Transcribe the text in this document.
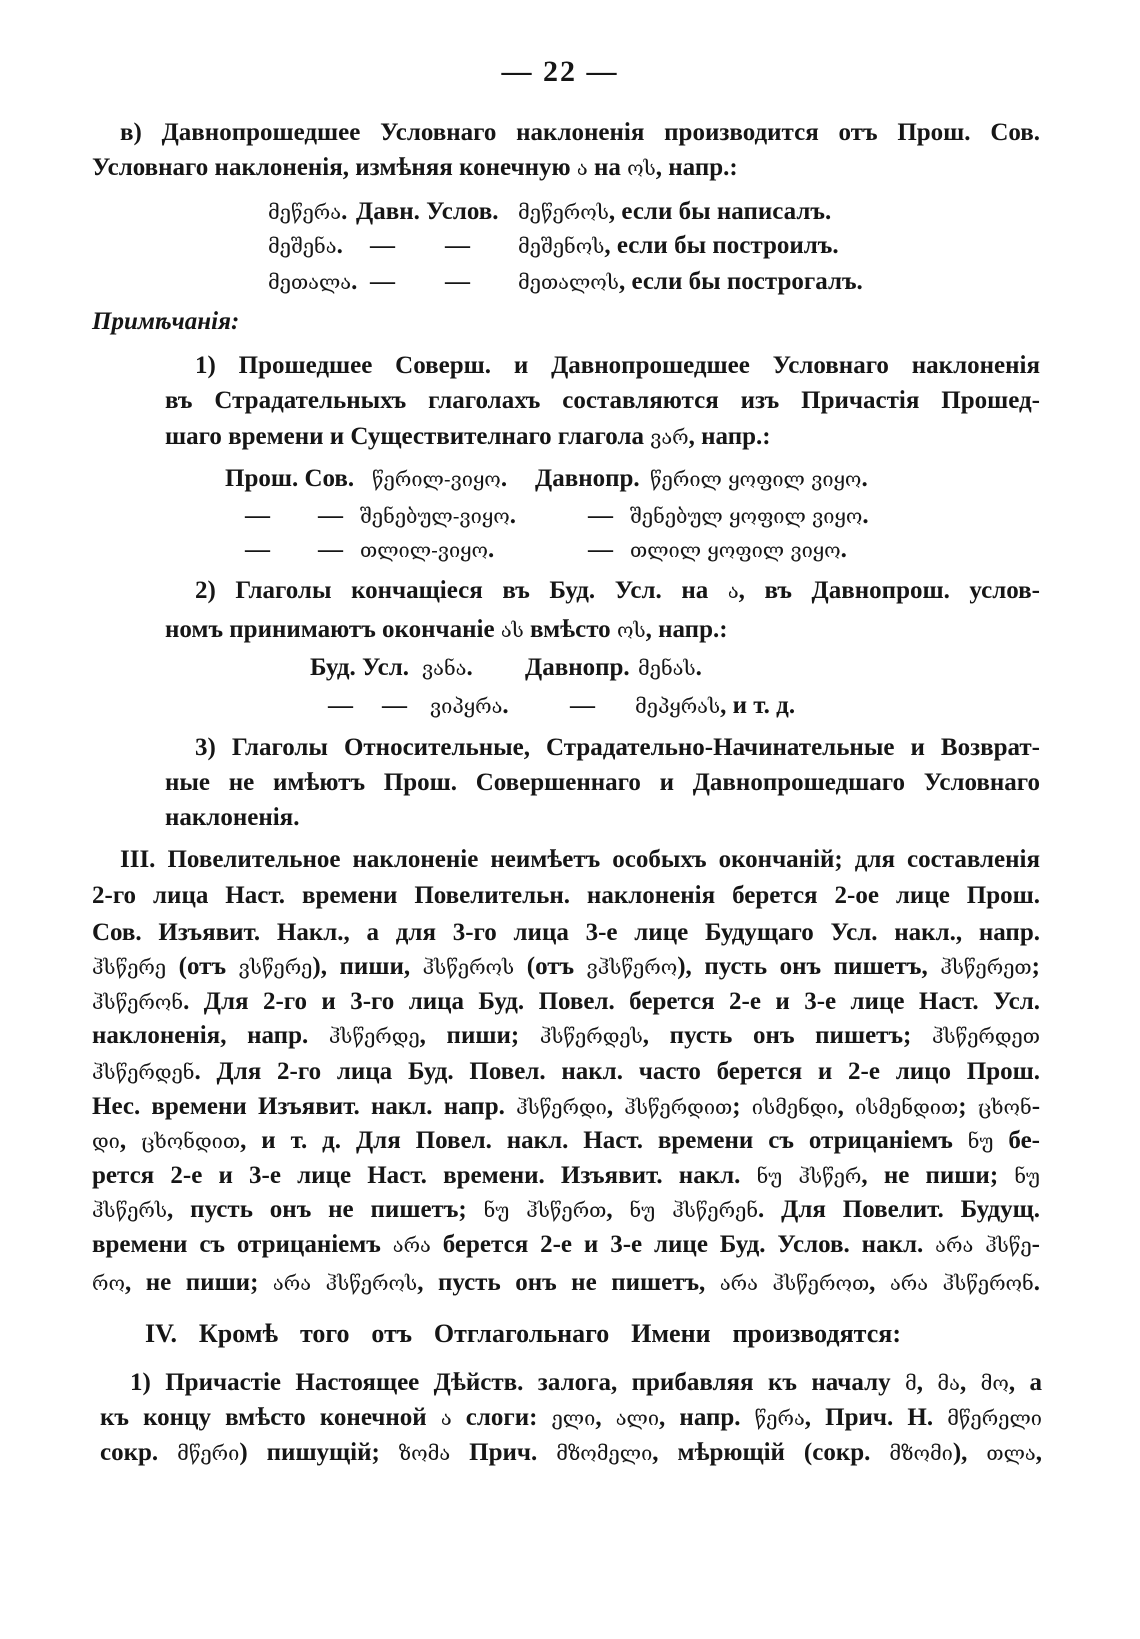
— 22 —
в) Давнопрошедшее Условнаго наклоненія производится отъ Прош. Сов.
Условнаго наклоненія, измѣняя конечную ა на ოს, напр.:
მეწერა. Давн. Услов. მეწეროს, если бы написалъ.
მეშენა. — — მეშენოს, если бы построилъ.
მეთალა. — — მეთალოს, если бы построгалъ.
Примѣчанія:
1) Прошедшее Соверш. и Давнопрошедшее Условнаго наклоненія
въ Страдательныхъ глаголахъ составляются изъ Причастія Прошед-
шаго времени и Существителнаго глагола ვარ, напр.:
Прош. Сов. წერილ-ვიყო. Давнопр. წერილ ყოფილ ვიყო.
— — შენებულ-ვიყო.	— შენებულ ყოფილ ვიყო.
— — თლილ-ვიყო.	— თლილ ყოფილ ვიყო.
2) Глаголы кончащіеся въ Буд. Усл. на ა, въ Давнопрош. услов-
номъ принимаютъ окончаніе ას вмѣсто ოს, напр.:
Буд. Усл. ვანა. Давнопр. მენას.
— — ვიპყრა. — მეპყრას, и т. д.
3) Глаголы Относительные, Страдательно-Начинательные и Возврат-
ные не имѣютъ Прош. Совершеннаго и Давнопрошедшаго Условнаго
наклоненія.
III. Повелительное наклоненіе неимѣетъ особыхъ окончаній; для составленія
2-го лица Наст. времени Повелительн. наклоненія берется 2-ое лице Прош.
Сов. Изъявит. Накл., а для 3-го лица 3-е лице Будущаго Усл. накл., напр.
ჰსწერე (отъ ვსწერე), пиши, ჰსწეროს (отъ ვჰსწერო), пусть онъ пишетъ, ჰსწერეთ;
ჰსწერონ. Для 2-го и 3-го лица Буд. Повел. берется 2-е и 3-е лице Наст. Усл.
наклоненія, напр. ჰსწერდე, пиши; ჰსწერდეს, пусть онъ пишетъ; ჰსწერდეთ
ჰსწერდენ. Для 2-го лица Буд. Повел. накл. часто берется и 2-е лицо Прош.
Нес. времени Изъявит. накл. напр. ჰსწერდი, ჰსწერდით; ისმენდი, ისმენდით; ცხონ-
დი, ცხონდით, и т. д. Для Повел. накл. Наст. времени съ отрицаніемъ ნუ бе-
рется 2-е и 3-е лице Наст. времени. Изъявит. накл. ნუ ჰსწერ, не пиши; ნუ
ჰსწერს, пусть онъ не пишетъ; ნუ ჰსწერთ, ნუ ჰსწერენ. Для Повелит. Будущ.
времени съ отрицаніемъ არა берется 2-е и 3-е лице Буд. Услов. накл. არა ჰსწე-
რო, не пиши; არა ჰსწეროს, пусть онъ не пишетъ, არა ჰსწეროთ, არა ჰსწერონ.
IV. Кромѣ того отъ Отглагольнаго Имени производятся:
1) Причастіе Настоящее Дѣйств. залога, прибавляя къ началу მ, მა, მო, а
къ концу вмѣсто конечной ა слоги: ელი, ალი, напр. წერა, Прич. Н. მწერელი
сокр. მწერი) пишущій; ზომა Прич. მზომელი, мѣрющій (сокр. მზომი), თლა,
